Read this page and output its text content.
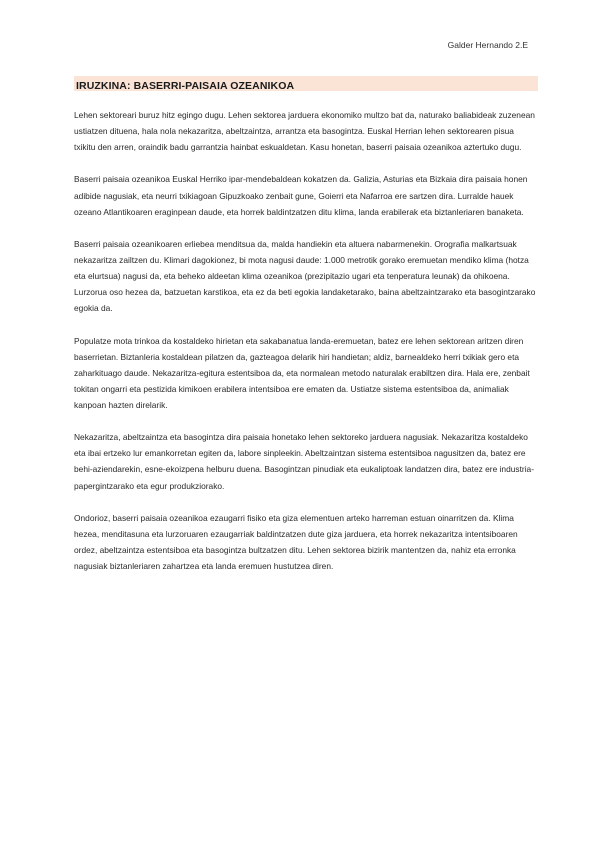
Galder Hernando 2.E
IRUZKINA: BASERRI-PAISAIA OZEANIKOA

Lehen sektoreari buruz hitz egingo dugu. Lehen sektorea jarduera ekonomiko multzo bat da, naturako baliabideak zuzenean ustiatzen dituena, hala nola nekazaritza, abeltzaintza, arrantza eta basogintza. Euskal Herrian lehen sektorearen pisua txikitu den arren, oraindik badu garrantzia hainbat eskualdetan. Kasu honetan, baserri paisaia ozeanikoa aztertuko dugu.

Baserri paisaia ozeanikoa Euskal Herriko ipar-mendebaldean kokatzen da. Galizia, Asturias eta Bizkaia dira paisaia honen adibide nagusiak, eta neurri txikiagoan Gipuzkoako zenbait gune, Goierri eta Nafarroa ere sartzen dira. Lurralde hauek ozeano Atlantikoaren eraginpean daude, eta horrek baldintzatzen ditu klima, landa erabilerak eta biztanleriaren banaketa.

Baserri paisaia ozeanikoaren erliebea menditsua da, malda handiekin eta altuera nabarmenekin. Orografia malkartsuak nekazaritza zailtzen du. Klimari dagokionez, bi mota nagusi daude: 1.000 metrotik gorako eremuetan mendiko klima (hotza eta elurtsua) nagusi da, eta beheko aldeetan klima ozeanikoa (prezipitazio ugari eta tenperatura leunak) da ohikoena. Lurzorua oso hezea da, batzuetan karstikoa, eta ez da beti egokia landaketarako, baina abeltzaintzarako eta basogintzarako egokia da.

Populatze mota trinkoa da kostaldeko hirietan eta sakabanatua landa-eremuetan, batez ere lehen sektorean aritzen diren baserrietan. Biztanleria kostaldean pilatzen da, gazteagoa delarik hiri handietan; aldiz, barnealdeko herri txikiak gero eta zaharkituago daude. Nekazaritza-egitura estentsiboa da, eta normalean metodo naturalak erabiltzen dira. Hala ere, zenbait tokitan ongarri eta pestizida kimikoen erabilera intentsiboa ere ematen da. Ustiatze sistema estentsiboa da, animaliak kanpoan hazten direlarik.

Nekazaritza, abeltzaintza eta basogintza dira paisaia honetako lehen sektoreko jarduera nagusiak. Nekazaritza kostaldeko eta ibai ertzeko lur emankorretan egiten da, labore sinpleekin. Abeltzaintzan sistema estentsiboa nagusitzen da, batez ere behi-aziendarekin, esne-ekoizpena helburu duena. Basogintzan pinudiak eta eukaliptoak landatzen dira, batez ere industria-papergintzarako eta egur produkziorako.

Ondorioz, baserri paisaia ozeanikoa ezaugarri fisiko eta giza elementuen arteko harreman estuan oinarritzen da. Klima hezea, menditasuna eta lurzoruaren ezaugarriak baldintzatzen dute giza jarduera, eta horrek nekazaritza intentsiboaren ordez, abeltzaintza estentsiboa eta basogintza bultzatzen ditu. Lehen sektorea bizirik mantentzen da, nahiz eta erronka nagusiak biztanleriaren zahartzea eta landa eremuen hustutzea diren.
